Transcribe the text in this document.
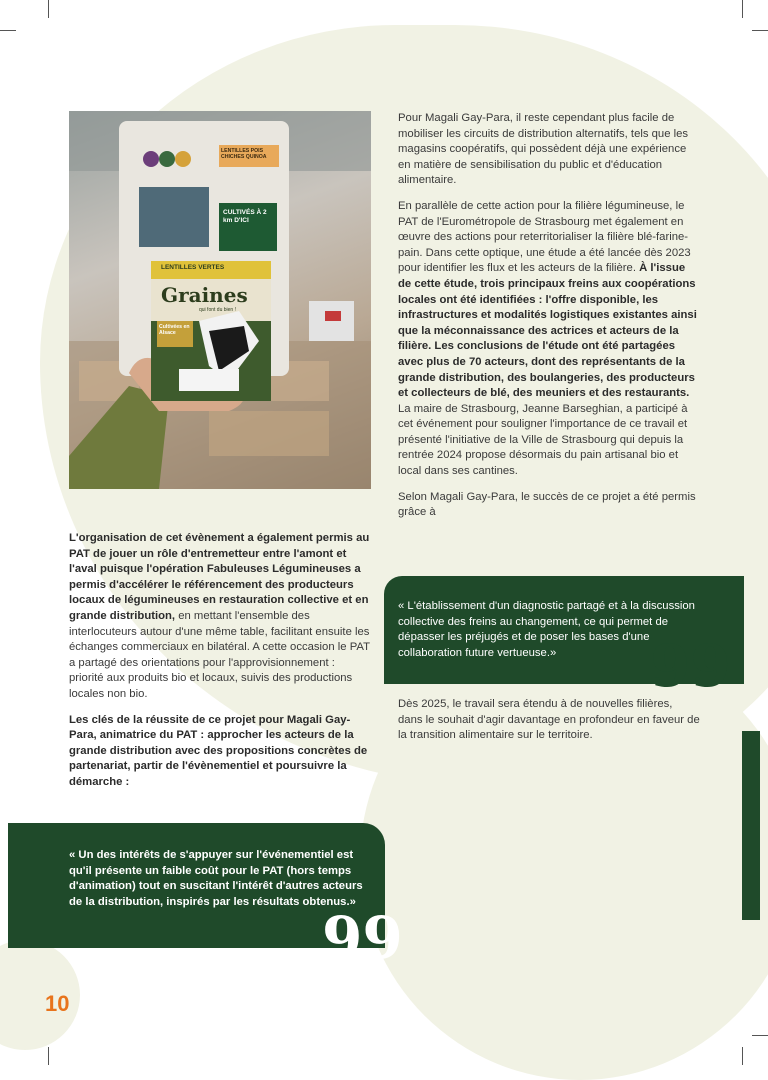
LENTILLES VERTES
Graines
qui font du bien !
Cultivées en Alsace
LENTILLES POIS CHICHES QUINOA
CULTIVÉS À 2 km D'ICI

Pour Magali Gay-Para, il reste cependant plus facile de mobiliser les circuits de distribution alternatifs, tels que les magasins coopératifs, qui possèdent déjà une expérience en matière de sensibilisation du public et d'éducation alimentaire.

En parallèle de cette action pour la filière légumineuse, le PAT de l'Eurométropole de Strasbourg met également en œuvre des actions pour reterritorialiser la filière blé-farine-pain. Dans cette optique, une étude a été lancée dès 2023 pour identifier les flux et les acteurs de la filière. À l'issue de cette étude, trois principaux freins aux coopérations locales ont été identifiées : l'offre disponible, les infrastructures et modalités logistiques existantes ainsi que la méconnaissance des actrices et acteurs de la filière. Les conclusions de l'étude ont été partagées avec plus de 70 acteurs, dont des représentants de la grande distribution, des boulangeries, des producteurs et collecteurs de blé, des meuniers et des restaurants. La maire de Strasbourg, Jeanne Barseghian, a participé à cet événement pour souligner l'importance de ce travail et présenté l'initiative de la Ville de Strasbourg qui depuis la rentrée 2024 propose désormais du pain artisanal bio et local dans ses cantines.

Selon Magali Gay-Para, le succès de ce projet a été permis grâce à

« L'établissement d'un diagnostic partagé et à la discussion collective des freins au changement, ce qui permet de dépasser les préjugés et de poser les bases d'une collaboration future vertueuse.»	99
Dès 2025, le travail sera étendu à de nouvelles filières, dans le souhait d'agir davantage en profondeur en faveur de la transition alimentaire sur le territoire.

L'organisation de cet évènement a également permis au PAT de jouer un rôle d'entremetteur entre l'amont et l'aval puisque l'opération Fabuleuses Légumineuses a permis d'accélérer le référencement des producteurs locaux de légumineuses en restauration collective et en grande distribution, en mettant l'ensemble des interlocuteurs autour d'une même table, facilitant ensuite les échanges commerciaux en bilatéral. A cette occasion le PAT a partagé des orientations pour l'approvisionnement : priorité aux produits bio et locaux, suivis des productions locales non bio.

Les clés de la réussite de ce projet pour Magali Gay-Para, animatrice du PAT : approcher les acteurs de la grande distribution avec des propositions concrètes de partenariat, partir de l'évènementiel et poursuivre la démarche :

« Un des intérêts de s'appuyer sur l'événementiel est qu'il présente un faible coût pour le PAT (hors temps d'animation) tout en suscitant l'intérêt d'autres acteurs de la distribution, inspirés par les résultats obtenus.»
99
10
